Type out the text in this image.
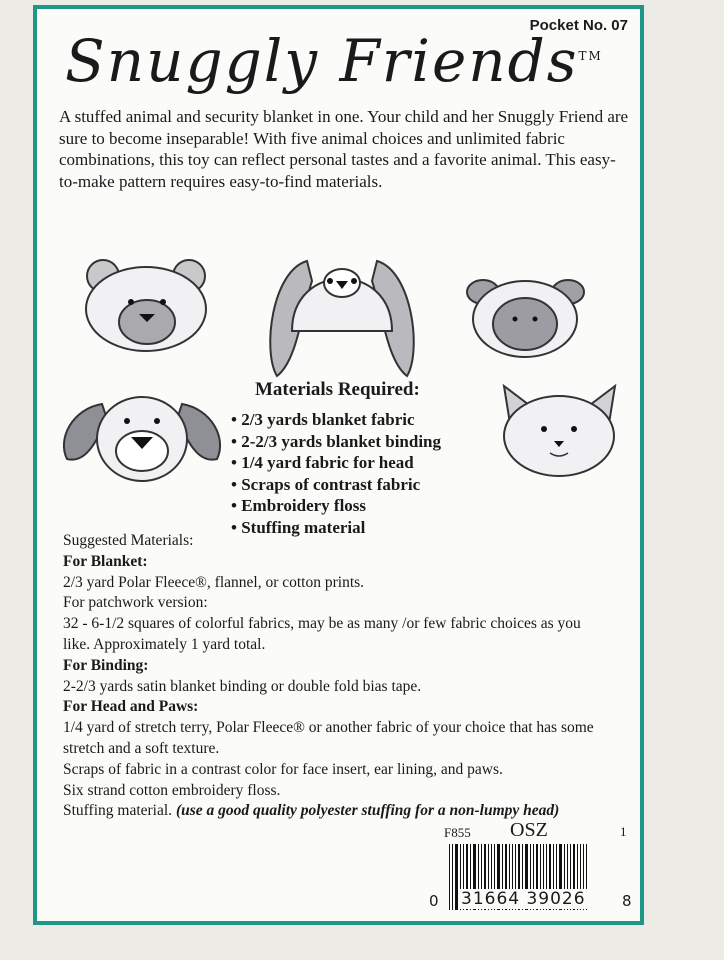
Pocket No. 07
Snuggly Friends™
A stuffed animal and security blanket in one. Your child and her Snuggly Friend are sure to become inseparable! With five animal choices and unlimited fabric combinations, this toy can reflect personal tastes and a favorite animal. This easy- to-make pattern requires easy-to-find materials.
Materials Required:
• 2/3 yards blanket fabric
• 2-2/3 yards blanket binding
• 1/4 yard fabric for head
• Scraps of contrast fabric
• Embroidery floss
• Stuffing material
Suggested Materials:
For Blanket:
2/3 yard Polar Fleece®, flannel, or cotton prints.
For patchwork version:
32 - 6-1/2 squares of colorful fabrics, may be as many /or few fabric choices as you
like. Approximately 1 yard total.
For Binding:
2-2/3 yards satin blanket binding or double fold bias tape.
For Head and Paws:
1/4 yard of stretch terry, Polar Fleece® or another fabric of your choice that has some
stretch and a soft texture.
Scraps of fabric in a contrast color for face insert, ear lining, and paws.
Six strand cotton embroidery floss.
Stuffing material. (use a good quality polyester stuffing for a non-lumpy head)
F855 OSZ	1
0 31664 39026 8
